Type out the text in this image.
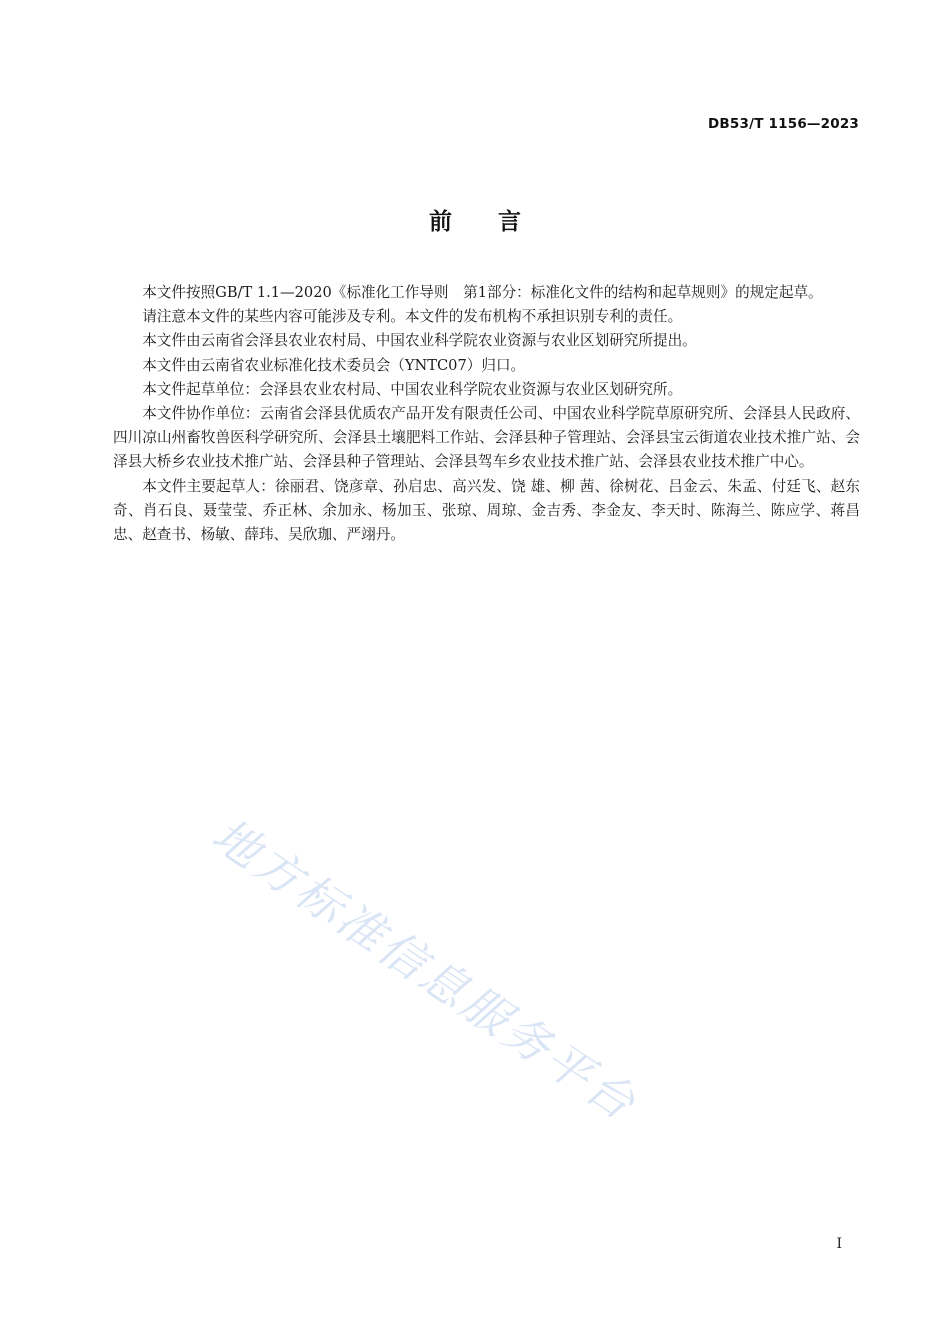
DB53/T 1156—2023
前 言

本文件按照GB/T 1.1—2020《标准化工作导则　第1部分：标准化文件的结构和起草规则》的规定起草。

请注意本文件的某些内容可能涉及专利。本文件的发布机构不承担识别专利的责任。

本文件由云南省会泽县农业农村局、中国农业科学院农业资源与农业区划研究所提出。

本文件由云南省农业标准化技术委员会（YNTC07）归口。

本文件起草单位：会泽县农业农村局、中国农业科学院农业资源与农业区划研究所。

本文件协作单位：云南省会泽县优质农产品开发有限责任公司、中国农业科学院草原研究所、会泽县人民政府、四川凉山州畜牧兽医科学研究所、会泽县土壤肥料工作站、会泽县种子管理站、会泽县宝云街道农业技术推广站、会泽县大桥乡农业技术推广站、会泽县种子管理站、会泽县驾车乡农业技术推广站、会泽县农业技术推广中心。

本文件主要起草人：徐丽君、饶彦章、孙启忠、高兴发、饶 雄、柳 茜、徐树花、吕金云、朱孟、付廷飞、赵东奇、肖石良、聂莹莹、乔正林、余加永、杨加玉、张琼、周琼、金吉秀、李金友、李天时、陈海兰、陈应学、蒋昌忠、赵查书、杨敏、薛玮、吴欣珈、严翊丹。

地方标准信息服务平台
I
